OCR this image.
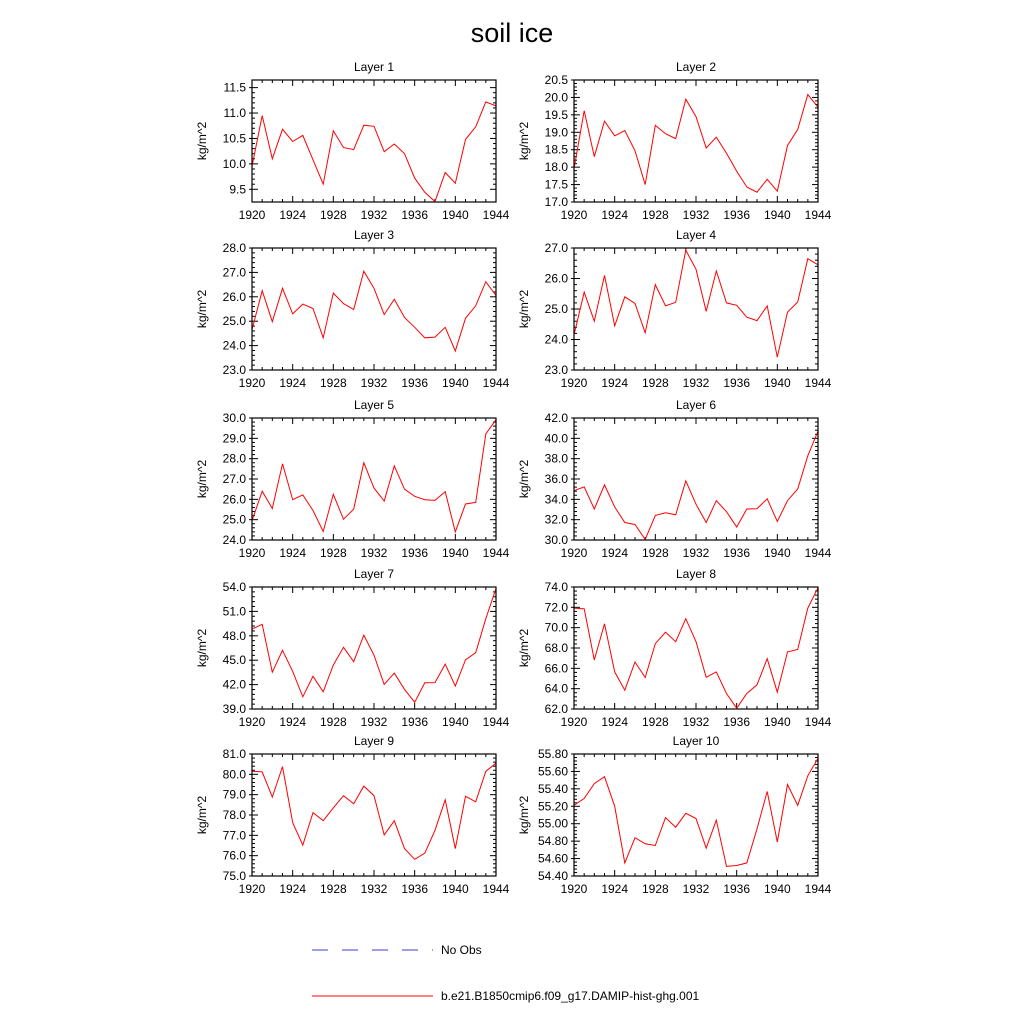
soil ice
Layer 1
kg/m^2
1920 1924 1928 1932 1936 1940 1944
9.5
10.0
10.5
11.0
11.5
Layer 2
kg/m^2
1920 1924 1928 1932 1936 1940 1944
17.0
17.5
18.0
18.5
19.0
19.5
20.0
20.5
Layer 3
kg/m^2
1920 1924 1928 1932 1936 1940 1944
23.0
24.0
25.0
26.0
27.0
28.0
Layer 4
kg/m^2
1920 1924 1928 1932 1936 1940 1944
23.0
24.0
25.0
26.0
27.0
Layer 5
kg/m^2
1920 1924 1928 1932 1936 1940 1944
24.0
25.0
26.0
27.0
28.0
29.0
30.0
Layer 6
kg/m^2
1920 1924 1928 1932 1936 1940 1944
30.0
32.0
34.0
36.0
38.0
40.0
42.0
Layer 7
kg/m^2
1920 1924 1928 1932 1936 1940 1944
39.0
42.0
45.0
48.0
51.0
54.0
Layer 8
kg/m^2
1920 1924 1928 1932 1936 1940 1944
62.0
64.0
66.0
68.0
70.0
72.0
74.0
Layer 9
kg/m^2
1920 1924 1928 1932 1936 1940 1944
75.0
76.0
77.0
78.0
79.0
80.0
81.0
Layer 10
kg/m^2
1920 1924 1928 1932 1936 1940 1944
54.40
54.60
54.80
55.00
55.20
55.40
55.60
55.80
No Obs
b.e21.B1850cmip6.f09_g17.DAMIP-hist-ghg.001
